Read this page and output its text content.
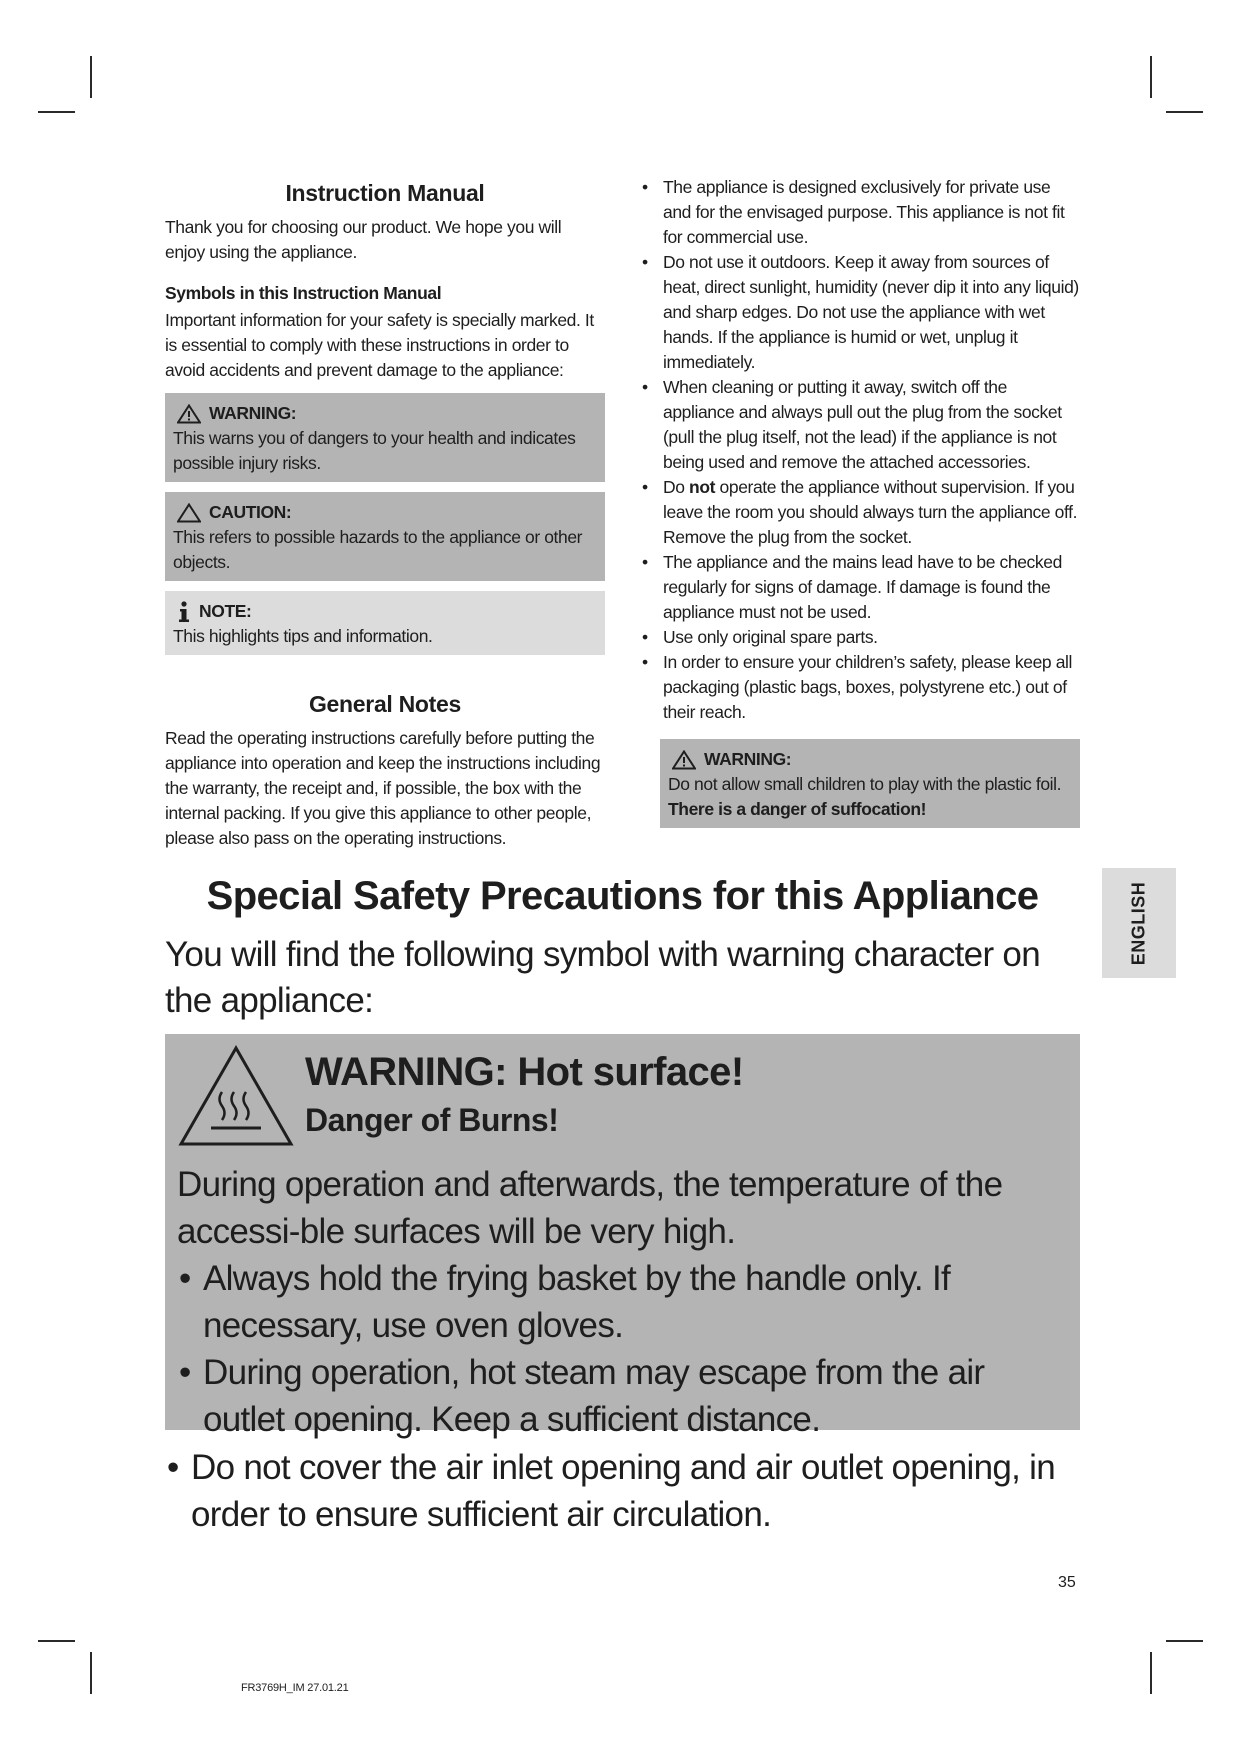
Instruction Manual

Thank you for choosing our product. We hope you will enjoy using the appliance.

Symbols in this Instruction Manual

Important information for your safety is specially marked. It is essential to comply with these instructions in order to avoid accidents and prevent damage to the appliance:

WARNING:
This warns you of dangers to your health and indicates possible injury risks.
CAUTION:
This refers to possible hazards to the appliance or other objects.
NOTE:
This highlights tips and information.
General Notes

Read the operating instructions carefully before putting the appliance into operation and keep the instructions including the warranty, the receipt and, if possible, the box with the internal packing. If you give this appliance to other people, please also pass on the operating instructions.

• The appliance is designed exclusively for private use and for the envisaged purpose. This appliance is not fit for commercial use.
• Do not use it outdoors. Keep it away from sources of heat, direct sunlight, humidity (never dip it into any liquid) and sharp edges. Do not use the appliance with wet hands. If the appliance is humid or wet, unplug it immediately.
• When cleaning or putting it away, switch off the appliance and always pull out the plug from the socket (pull the plug itself, not the lead) if the appliance is not being used and remove the attached accessories.
• Do not operate the appliance without supervision. If you leave the room you should always turn the appliance off. Remove the plug from the socket.
• The appliance and the mains lead have to be checked regularly for signs of damage. If damage is found the appliance must not be used.
• Use only original spare parts.
• In order to ensure your children’s safety, please keep all packaging (plastic bags, boxes, polystyrene etc.) out of their reach.
WARNING:
Do not allow small children to play with the plastic foil.
There is a danger of suffocation!
Special Safety Precautions for this Appliance

You will find the following symbol with warning character on the appliance:

WARNING: Hot surface!
Danger of Burns!

During operation and afterwards, the temperature of the accessi-ble surfaces will be very high.

• Always hold the frying basket by the handle only. If necessary, use oven gloves.
• During operation, hot steam may escape from the air outlet opening. Keep a sufficient distance.
• Do not cover the air inlet opening and air outlet opening, in order to ensure sufficient air circulation.
ENGLISH
35
FR3769H_IM 27.01.21
